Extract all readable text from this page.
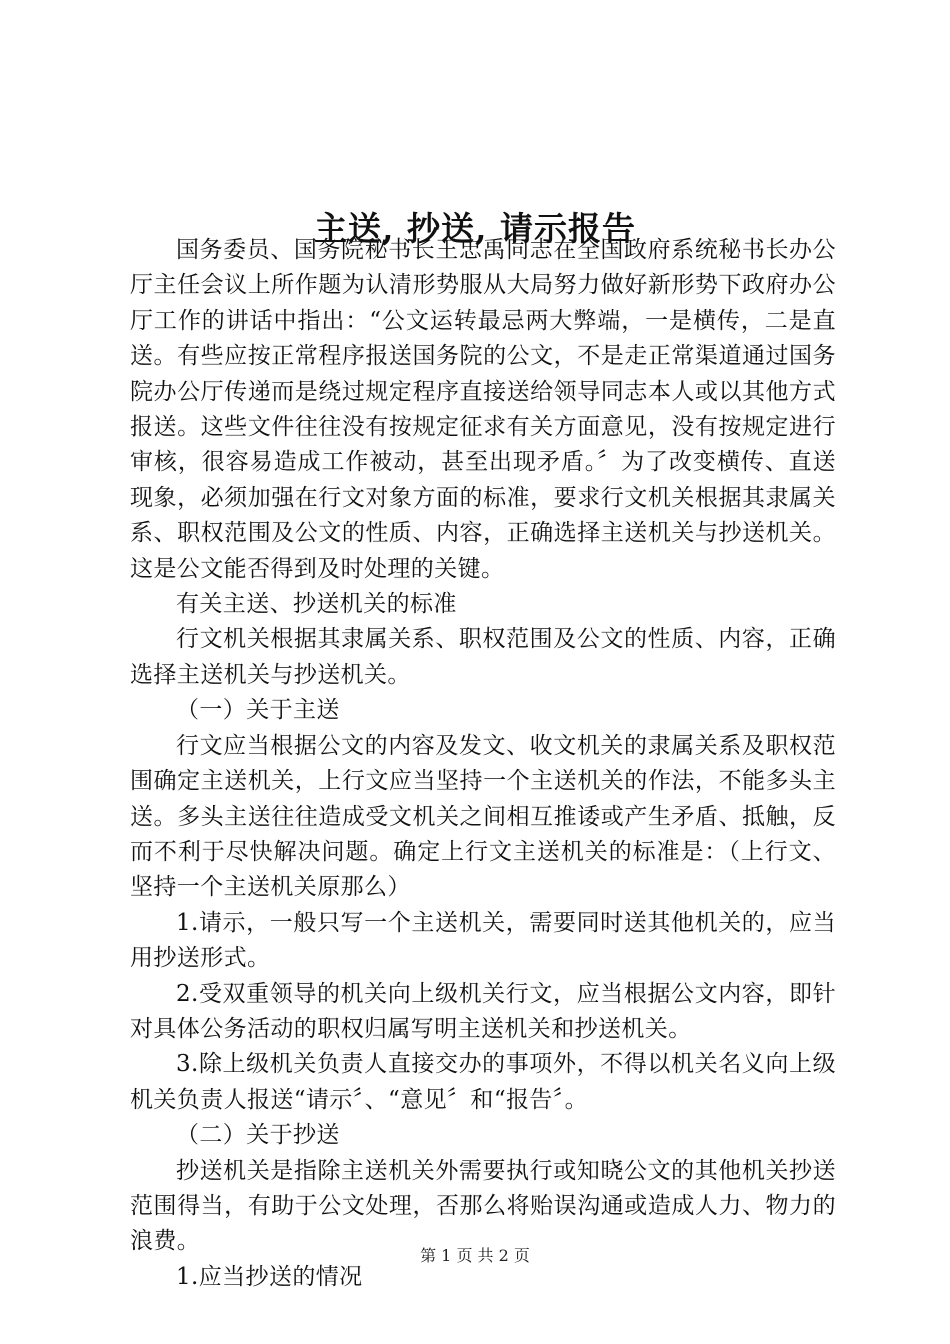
主送, 抄送, 请示报告

国务委员、国务院秘书长王忠禹同志在全国政府系统秘书长办公厅主任会议上所作题为认清形势服从大局努力做好新形势下政府办公厅工作的讲话中指出：“公文运转最忌两大弊端，一是横传，二是直送。有些应按正常程序报送国务院的公文，不是走正常渠道通过国务院办公厅传递而是绕过规定程序直接送给领导同志本人或以其他方式报送。这些文件往往没有按规定征求有关方面意见，没有按规定进行审核，很容易造成工作被动，甚至出现矛盾。〞为了改变横传、直送现象，必须加强在行文对象方面的标准，要求行文机关根据其隶属关系、职权范围及公文的性质、内容，正确选择主送机关与抄送机关。这是公文能否得到及时处理的关键。

有关主送、抄送机关的标准

行文机关根据其隶属关系、职权范围及公文的性质、内容，正确选择主送机关与抄送机关。

（一）关于主送

行文应当根据公文的内容及发文、收文机关的隶属关系及职权范围确定主送机关，上行文应当坚持一个主送机关的作法，不能多头主送。多头主送往往造成受文机关之间相互推诿或产生矛盾、抵触，反而不利于尽快解决问题。确定上行文主送机关的标准是：（上行文、坚持一个主送机关原那么）

1.请示，一般只写一个主送机关，需要同时送其他机关的，应当用抄送形式。

2.受双重领导的机关向上级机关行文，应当根据公文内容，即针对具体公务活动的职权归属写明主送机关和抄送机关。

3.除上级机关负责人直接交办的事项外，不得以机关名义向上级机关负责人报送“请示〞、“意见〞和“报告〞。

（二）关于抄送

抄送机关是指除主送机关外需要执行或知晓公文的其他机关抄送范围得当，有助于公文处理，否那么将贻误沟通或造成人力、物力的浪费。

1.应当抄送的情况

第 1 页 共 2 页
